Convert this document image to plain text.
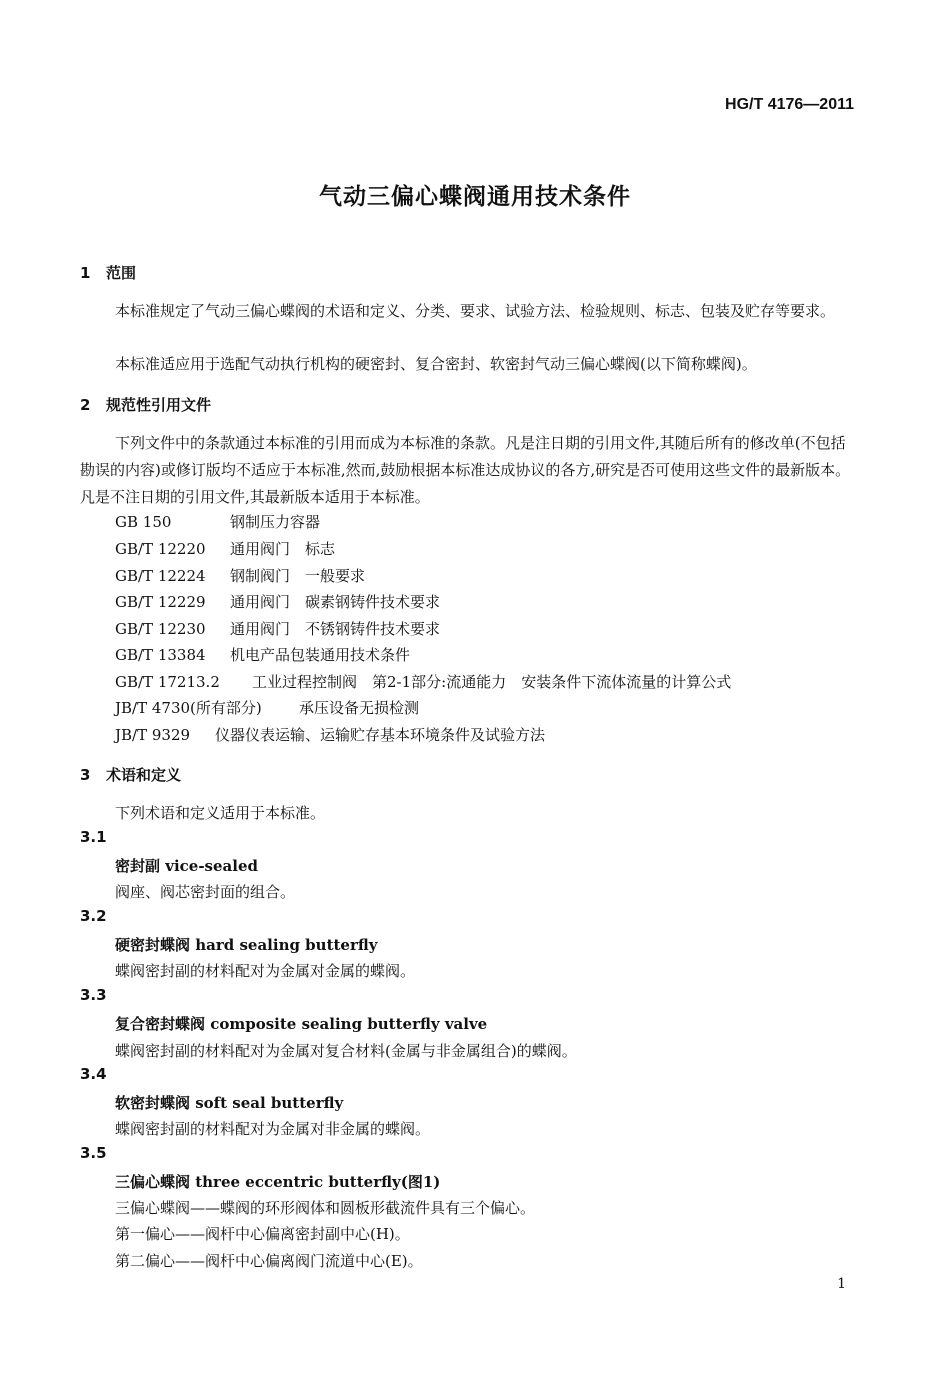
HG/T 4176—2011
气动三偏心蝶阀通用技术条件
1 范围
本标准规定了气动三偏心蝶阀的术语和定义、分类、要求、试验方法、检验规则、标志、包装及贮存等要求。
本标准适应用于选配气动执行机构的硬密封、复合密封、软密封气动三偏心蝶阀(以下简称蝶阀)。
2 规范性引用文件
下列文件中的条款通过本标准的引用而成为本标准的条款。凡是注日期的引用文件,其随后所有的修改单(不包括勘误的内容)或修订版均不适应于本标准,然而,鼓励根据本标准达成协议的各方,研究是否可使用这些文件的最新版本。凡是不注日期的引用文件,其最新版本适用于本标准。
GB 150	钢制压力容器
GB/T 12220 通用阀门　标志
GB/T 12224 钢制阀门　一般要求
GB/T 12229 通用阀门　碳素钢铸件技术要求
GB/T 12230 通用阀门　不锈钢铸件技术要求
GB/T 13384 机电产品包装通用技术条件
GB/T 17213.2 工业过程控制阀　第2-1部分:流通能力　安装条件下流体流量的计算公式
JB/T 4730(所有部分) 承压设备无损检测
JB/T 9329 仪器仪表运输、运输贮存基本环境条件及试验方法
3 术语和定义
下列术语和定义适用于本标准。
3.1
密封副 vice-sealed
阀座、阀芯密封面的组合。
3.2
硬密封蝶阀 hard sealing butterfly
蝶阀密封副的材料配对为金属对金属的蝶阀。
3.3
复合密封蝶阀 composite sealing butterfly valve
蝶阀密封副的材料配对为金属对复合材料(金属与非金属组合)的蝶阀。
3.4
软密封蝶阀 soft seal butterfly
蝶阀密封副的材料配对为金属对非金属的蝶阀。
3.5
三偏心蝶阀 three eccentric butterfly(图1)
三偏心蝶阀——蝶阀的环形阀体和圆板形截流件具有三个偏心。
第一偏心——阀杆中心偏离密封副中心(H)。
第二偏心——阀杆中心偏离阀门流道中心(E)。
1
